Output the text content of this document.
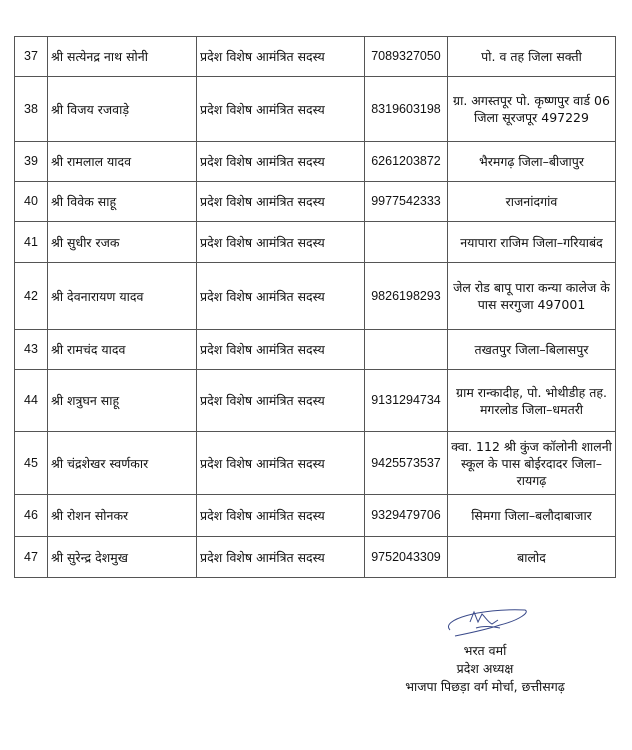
37	श्री सत्येनद्र नाथ सोनी	प्रदेश विशेष आमंत्रित सदस्य	7089327050	पो. व तह जिला सक्ती
38	श्री विजय रजवाड़े	प्रदेश विशेष आमंत्रित सदस्य	8319603198	ग्रा. अगस्तपूर पो. कृष्णपुर वार्ड 06 जिला सूरजपूर 497229
39	श्री रामलाल यादव	प्रदेश विशेष आमंत्रित सदस्य	6261203872	भैरमगढ़ जिला–बीजापुर
40	श्री विवेक साहू	प्रदेश विशेष आमंत्रित सदस्य	9977542333	राजनांदगांव
41	श्री सुधीर रजक	प्रदेश विशेष आमंत्रित सदस्य		नयापारा राजिम जिला–गरियाबंद
42	श्री देवनारायण यादव	प्रदेश विशेष आमंत्रित सदस्य	9826198293	जेल रोड बापू पारा कन्या कालेज के पास सरगुजा 497001
43	श्री रामचंद यादव	प्रदेश विशेष आमंत्रित सदस्य		तखतपुर जिला–बिलासपुर
44	श्री शत्रुघन साहू	प्रदेश विशेष आमंत्रित सदस्य	9131294734	ग्राम रान्कादीह, पो. भोथीडीह तह. मगरलोड जिला–धमतरी
45	श्री चंद्रशेखर स्वर्णकार	प्रदेश विशेष आमंत्रित सदस्य	9425573537	क्वा. 112 श्री कुंज कॉलोनी शालनी स्कूल के पास बोईरदादर जिला–रायगढ़
46	श्री रोशन सोनकर	प्रदेश विशेष आमंत्रित सदस्य	9329479706	सिमगा जिला–बलौदाबाजार
47	श्री सुरेन्द्र देशमुख	प्रदेश विशेष आमंत्रित सदस्य	9752043309	बालोद
भरत वर्मा
प्रदेश अध्यक्ष
भाजपा पिछड़ा वर्ग मोर्चा, छत्तीसगढ़
